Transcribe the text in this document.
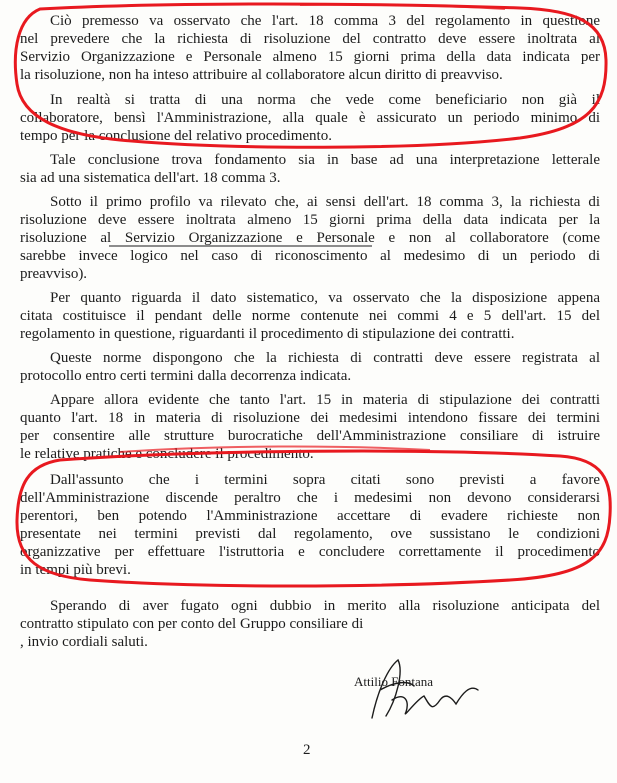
Ciò premesso va osservato che l'art. 18 comma 3 del regolamento in questione
nel prevedere che la richiesta di risoluzione del contratto deve essere inoltrata al
Servizio Organizzazione e Personale almeno 15 giorni prima della data indicata per
la risoluzione, non ha inteso attribuire al collaboratore alcun diritto di preavviso.
In realtà si tratta di una norma che vede come beneficiario non già il
collaboratore, bensì l'Amministrazione, alla quale è assicurato un periodo minimo di
tempo per la conclusione del relativo procedimento.
Tale conclusione trova fondamento sia in base ad una interpretazione letterale
sia ad una sistematica dell'art. 18 comma 3.
Sotto il primo profilo va rilevato che, ai sensi dell'art. 18 comma 3, la richiesta di
risoluzione deve essere inoltrata almeno 15 giorni prima della data indicata per la
risoluzione al Servizio Organizzazione e Personale e non al collaboratore (come
sarebbe invece logico nel caso di riconoscimento al medesimo di un periodo di
preavviso).
Per quanto riguarda il dato sistematico, va osservato che la disposizione appena
citata costituisce il pendant delle norme contenute nei commi 4 e 5 dell'art. 15 del
regolamento in questione, riguardanti il procedimento di stipulazione dei contratti.
Queste norme dispongono che la richiesta di contratti deve essere registrata al
protocollo entro certi termini dalla decorrenza indicata.
Appare allora evidente che tanto l'art. 15 in materia di stipulazione dei contratti
quanto l'art. 18 in materia di risoluzione dei medesimi intendono fissare dei termini
per consentire alle strutture burocratiche dell'Amministrazione consiliare di istruire
le relative pratiche e concludere il procedimento.
Dall'assunto che i termini sopra citati sono previsti a favore
dell'Amministrazione discende peraltro che i medesimi non devono considerarsi
perentori, ben potendo l'Amministrazione accettare di evadere richieste non
presentate nei termini previsti dal regolamento, ove sussistano le condizioni
organizzative per effettuare l'istruttoria e concludere correttamente il procedimento
in tempi più brevi.
Sperando di aver fugato ogni dubbio in merito alla risoluzione anticipata del
contratto stipulato con per conto del Gruppo consiliare di
, invio cordiali saluti.

Attilio Fontana
2
